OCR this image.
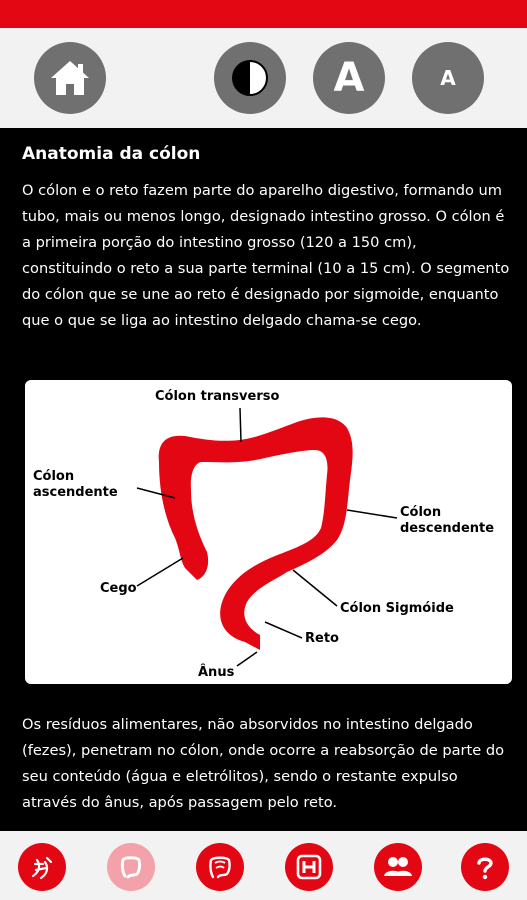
A	A
Anatomia da cólon

O cólon e o reto fazem parte do aparelho digestivo, formando um tubo, mais ou menos longo, designado intestino grosso. O cólon é a primeira porção do intestino grosso (120 a 150 cm), constituindo o reto a sua parte terminal (10 a 15 cm). O segmento do cólon que se une ao reto é designado por sigmoide, enquanto que o que se liga ao intestino delgado chama-se cego.

Cólon transverso
Cólon
ascendente
Cólon
descendente
Cego
Cólon Sigmóide
Reto
Ânus

Os resíduos alimentares, não absorvidos no intestino delgado (fezes), penetram no cólon, onde ocorre a reabsorção de parte do seu conteúdo (água e eletrólitos), sendo o restante expulso através do ânus, após passagem pelo reto.
